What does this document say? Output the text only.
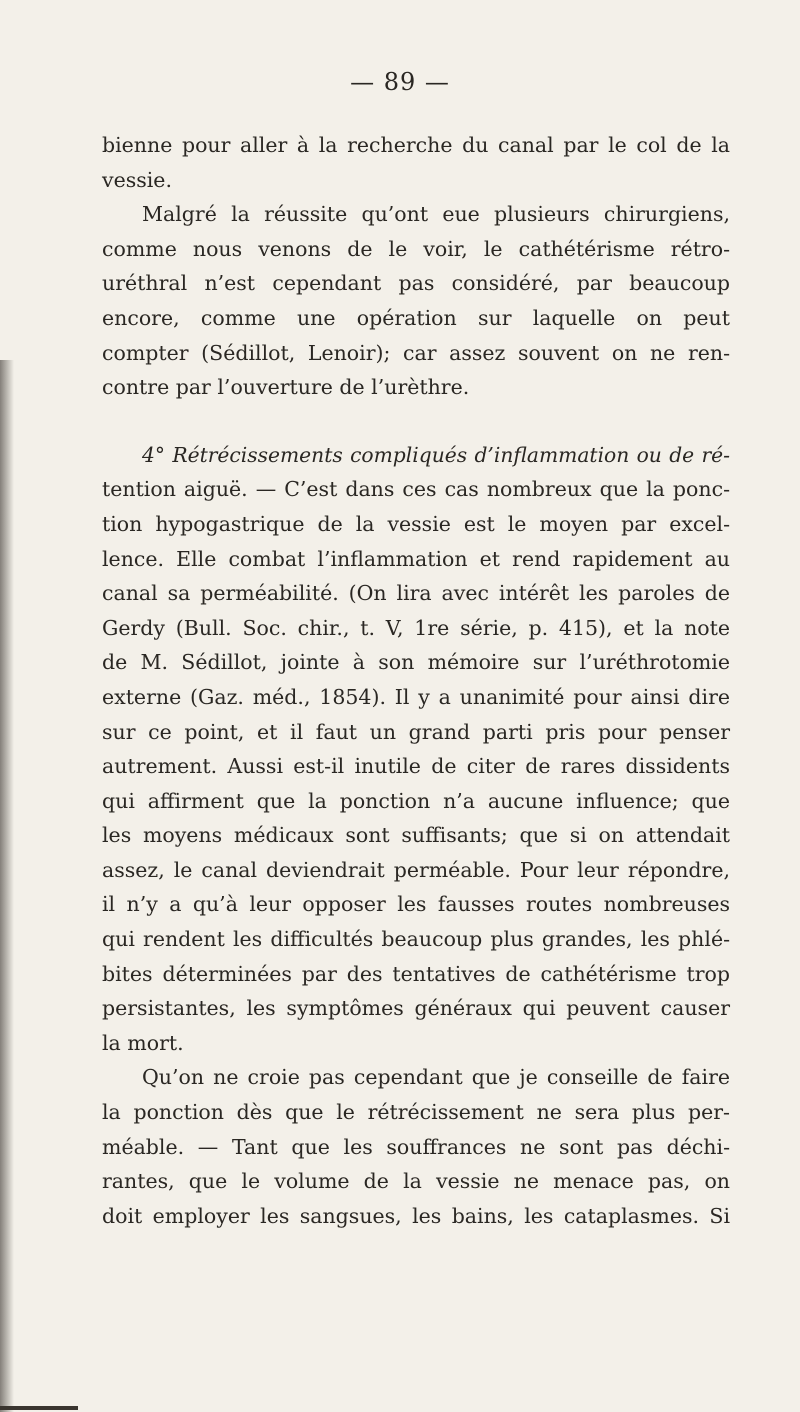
— 89 —
bienne pour aller à la recherche du canal par le col de la
vessie.
Malgré la réussite qu’ont eue plusieurs chirurgiens,
comme nous venons de le voir, le cathétérisme rétro-
uréthral n’est cependant pas considéré, par beaucoup
encore, comme une opération sur laquelle on peut
compter (Sédillot, Lenoir); car assez souvent on ne ren-
contre par l’ouverture de l’urèthre.
4° Rétrécissements compliqués d’inflammation ou de ré-
tention aiguë. — C’est dans ces cas nombreux que la ponc-
tion hypogastrique de la vessie est le moyen par excel-
lence. Elle combat l’inflammation et rend rapidement au
canal sa perméabilité. (On lira avec intérêt les paroles de
Gerdy (Bull. Soc. chir., t. V, 1re série, p. 415), et la note
de M. Sédillot, jointe à son mémoire sur l’uréthrotomie
externe (Gaz. méd., 1854). Il y a unanimité pour ainsi dire
sur ce point, et il faut un grand parti pris pour penser
autrement. Aussi est-il inutile de citer de rares dissidents
qui affirment que la ponction n’a aucune influence; que
les moyens médicaux sont suffisants; que si on attendait
assez, le canal deviendrait perméable. Pour leur répondre,
il n’y a qu’à leur opposer les fausses routes nombreuses
qui rendent les difficultés beaucoup plus grandes, les phlé-
bites déterminées par des tentatives de cathétérisme trop
persistantes, les symptômes généraux qui peuvent causer
la mort.
Qu’on ne croie pas cependant que je conseille de faire
la ponction dès que le rétrécissement ne sera plus per-
méable. — Tant que les souffrances ne sont pas déchi-
rantes, que le volume de la vessie ne menace pas, on
doit employer les sangsues, les bains, les cataplasmes. Si
